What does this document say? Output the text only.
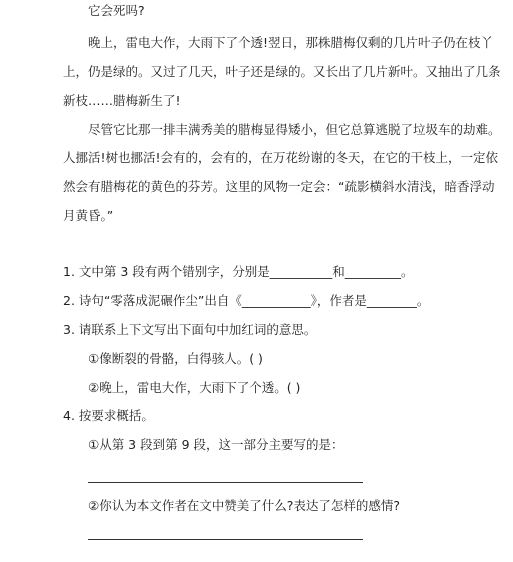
它会死吗?
晚上，雷电大作，大雨下了个透!翌日，那株腊梅仅剩的几片叶子仍在枝丫
上，仍是绿的。又过了几天，叶子还是绿的。又长出了几片新叶。又抽出了几条
新枝……腊梅新生了!
尽管它比那一排丰满秀美的腊梅显得矮小，但它总算逃脱了垃圾车的劫难。
人挪活!树也挪活!会有的，会有的，在万花纷谢的冬天，在它的干枝上，一定依
然会有腊梅花的黄色的芬芳。这里的风物一定会：“疏影横斜水清浅，暗香浮动
月黄昏。”
1. 文中第 3 段有两个错别字，分别是__________和_________。
2. 诗句“零落成泥碾作尘”出自《___________》，作者是________。
3. 请联系上下文写出下面句中加红词的意思。
①像断裂的骨骼，白得骇人。( )
②晚上，雷电大作，大雨下了个透。( )
4. 按要求概括。
①从第 3 段到第 9 段，这一部分主要写的是：
②你认为本文作者在文中赞美了什么?表达了怎样的感情?
